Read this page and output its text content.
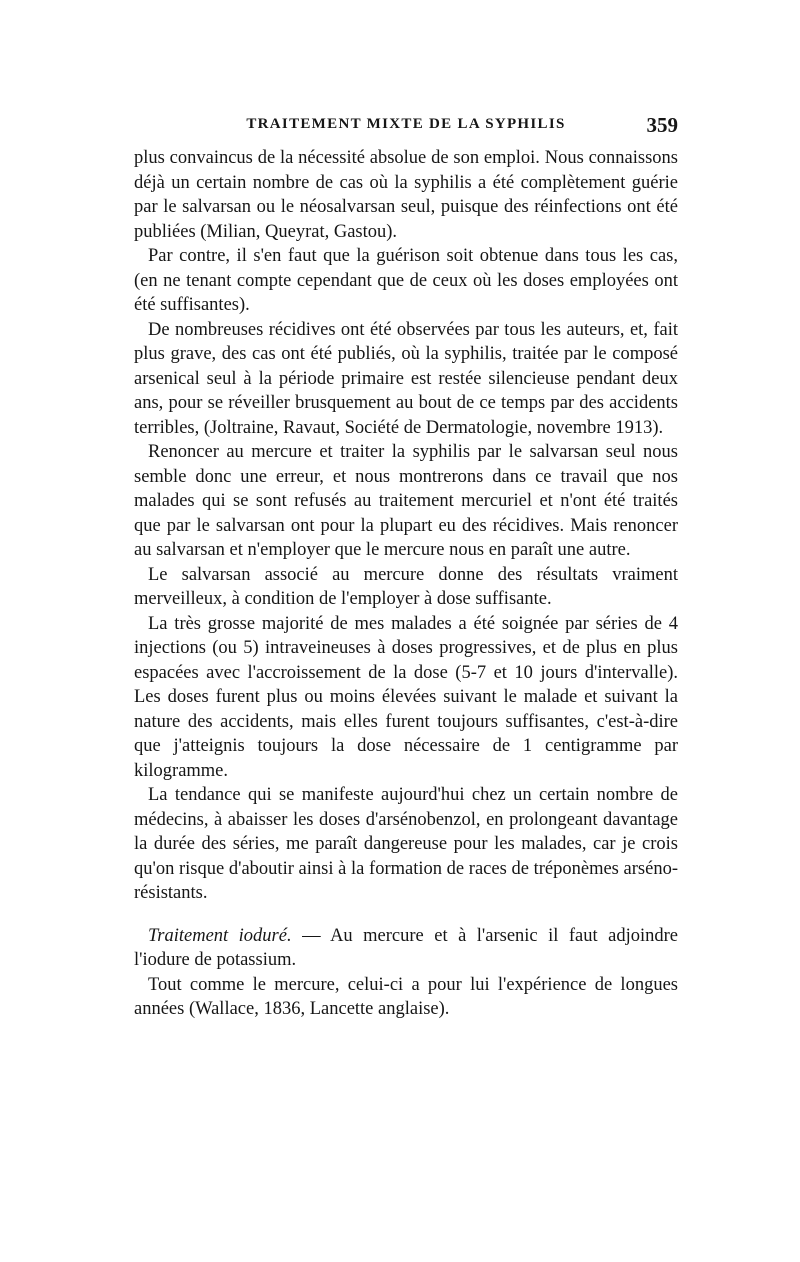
TRAITEMENT MIXTE DE LA SYPHILIS	359

plus convaincus de la nécessité absolue de son emploi. Nous connaissons déjà un certain nombre de cas où la syphilis a été complètement guérie par le salvarsan ou le néosalvarsan seul, puisque des réinfections ont été publiées (Milian, Queyrat, Gastou).

Par contre, il s'en faut que la guérison soit obtenue dans tous les cas, (en ne tenant compte cependant que de ceux où les doses employées ont été suffisantes).

De nombreuses récidives ont été observées par tous les auteurs, et, fait plus grave, des cas ont été publiés, où la syphilis, traitée par le composé arsenical seul à la période primaire est restée silencieuse pendant deux ans, pour se réveiller brusquement au bout de ce temps par des accidents terribles, (Joltraine, Ravaut, Société de Dermatologie, novembre 1913).

Renoncer au mercure et traiter la syphilis par le salvarsan seul nous semble donc une erreur, et nous montrerons dans ce travail que nos malades qui se sont refusés au traitement mercuriel et n'ont été traités que par le salvarsan ont pour la plupart eu des récidives. Mais renoncer au salvarsan et n'employer que le mercure nous en paraît une autre.

Le salvarsan associé au mercure donne des résultats vraiment merveilleux, à condition de l'employer à dose suffisante.

La très grosse majorité de mes malades a été soignée par séries de 4 injections (ou 5) intraveineuses à doses progressives, et de plus en plus espacées avec l'accroissement de la dose (5-7 et 10 jours d'intervalle). Les doses furent plus ou moins élevées suivant le malade et suivant la nature des accidents, mais elles furent toujours suffisantes, c'est-à-dire que j'atteignis toujours la dose nécessaire de 1 centigramme par kilogramme.

La tendance qui se manifeste aujourd'hui chez un certain nombre de médecins, à abaisser les doses d'arsénobenzol, en prolongeant davantage la durée des séries, me paraît dangereuse pour les malades, car je crois qu'on risque d'aboutir ainsi à la formation de races de tréponèmes arséno-résistants.

Traitement ioduré. — Au mercure et à l'arsenic il faut adjoindre l'iodure de potassium.

Tout comme le mercure, celui-ci a pour lui l'expérience de longues années (Wallace, 1836, Lancette anglaise).
